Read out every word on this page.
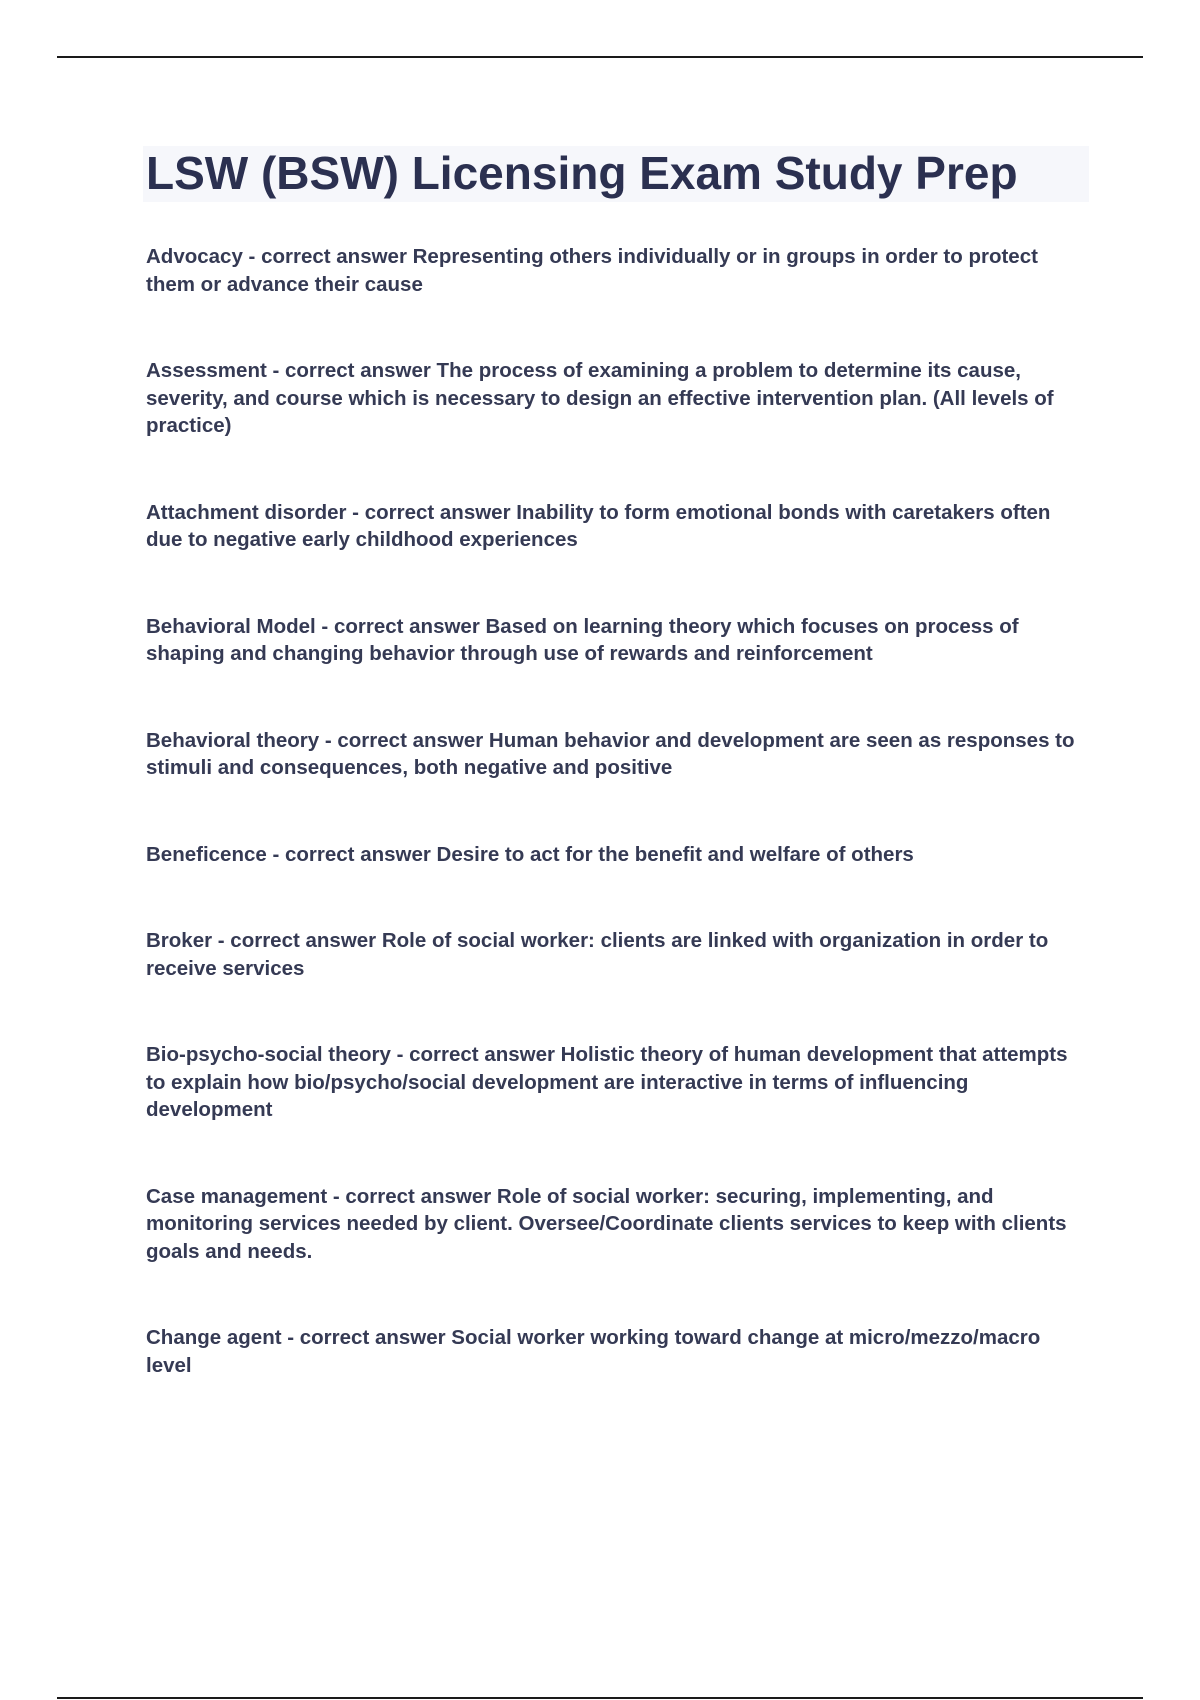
LSW (BSW) Licensing Exam Study Prep
Advocacy - correct answer Representing others individually or in groups in order to protect them or advance their cause
Assessment - correct answer The process of examining a problem to determine its cause, severity, and course which is necessary to design an effective intervention plan. (All levels of practice)
Attachment disorder - correct answer Inability to form emotional bonds with caretakers often due to negative early childhood experiences
Behavioral Model - correct answer Based on learning theory which focuses on process of shaping and changing behavior through use of rewards and reinforcement
Behavioral theory - correct answer Human behavior and development are seen as responses to stimuli and consequences, both negative and positive
Beneficence - correct answer Desire to act for the benefit and welfare of others
Broker - correct answer Role of social worker: clients are linked with organization in order to receive services
Bio-psycho-social theory - correct answer Holistic theory of human development that attempts to explain how bio/psycho/social development are interactive in terms of influencing development
Case management - correct answer Role of social worker: securing, implementing, and monitoring services needed by client. Oversee/Coordinate clients services to keep with clients goals and needs.
Change agent - correct answer Social worker working toward change at micro/mezzo/macro level
